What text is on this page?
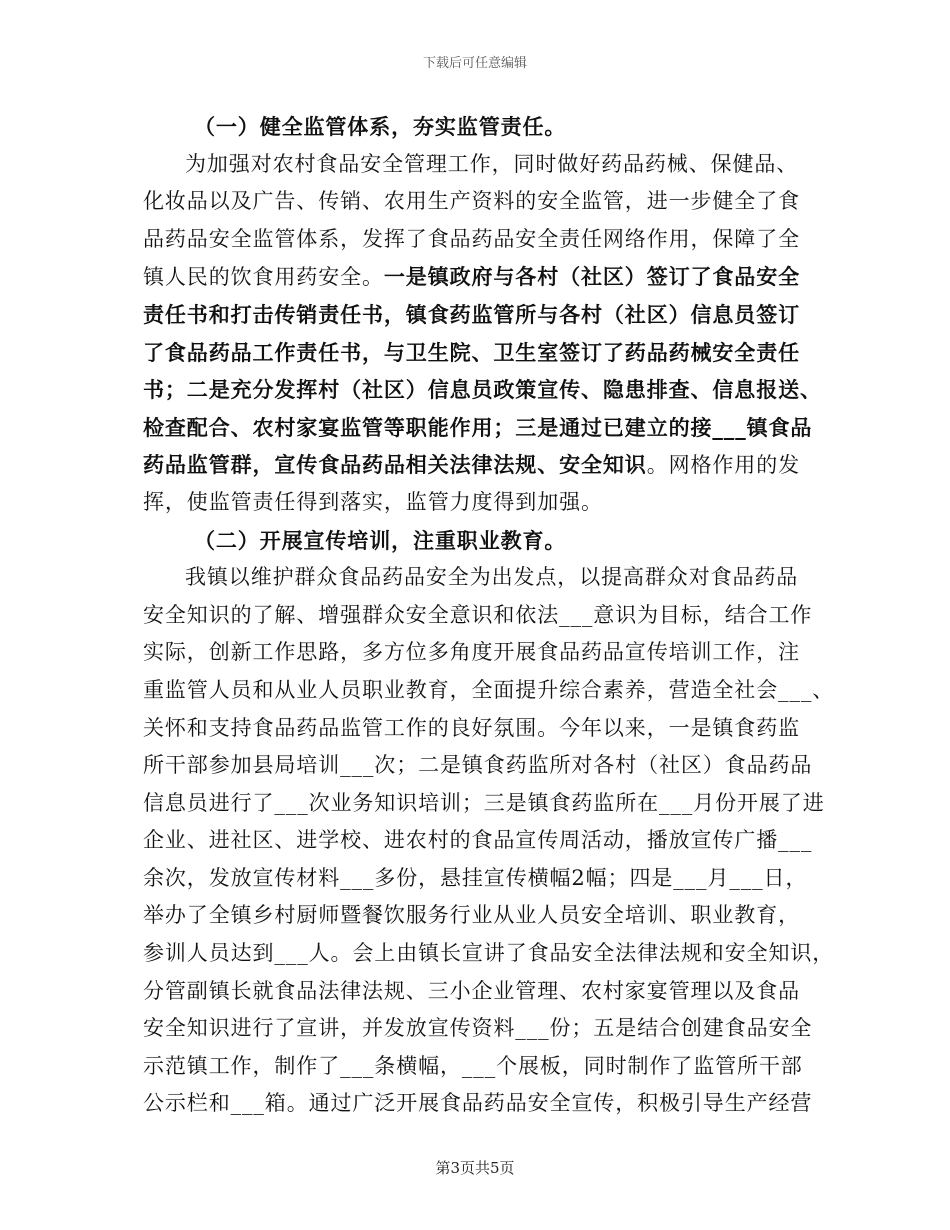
下载后可任意编辑
（一）健全监管体系，夯实监管责任。
为加强对农村食品安全管理工作，同时做好药品药械、保健品、
化妆品以及广告、传销、农用生产资料的安全监管，进一步健全了食
品药品安全监管体系，发挥了食品药品安全责任网络作用，保障了全
镇人民的饮食用药安全。一是镇政府与各村（社区）签订了食品安全
责任书和打击传销责任书，镇食药监管所与各村（社区）信息员签订
了食品药品工作责任书，与卫生院、卫生室签订了药品药械安全责任
书；二是充分发挥村（社区）信息员政策宣传、隐患排查、信息报送、
检查配合、农村家宴监管等职能作用；三是通过已建立的接___镇食品
药品监管群，宣传食品药品相关法律法规、安全知识。网格作用的发
挥，使监管责任得到落实，监管力度得到加强。
（二）开展宣传培训，注重职业教育。
我镇以维护群众食品药品安全为出发点，以提高群众对食品药品
安全知识的了解、增强群众安全意识和依法___意识为目标，结合工作
实际，创新工作思路，多方位多角度开展食品药品宣传培训工作，注
重监管人员和从业人员职业教育，全面提升综合素养，营造全社会___、
关怀和支持食品药品监管工作的良好氛围。今年以来，一是镇食药监
所干部参加县局培训___次；二是镇食药监所对各村（社区）食品药品
信息员进行了___次业务知识培训；三是镇食药监所在___月份开展了进
企业、进社区、进学校、进农村的食品宣传周活动，播放宣传广播___
余次，发放宣传材料___多份，悬挂宣传横幅2幅；四是___月___日，
举办了全镇乡村厨师暨餐饮服务行业从业人员安全培训、职业教育，
参训人员达到___人。会上由镇长宣讲了食品安全法律法规和安全知识，
分管副镇长就食品法律法规、三小企业管理、农村家宴管理以及食品
安全知识进行了宣讲，并发放宣传资料___份；五是结合创建食品安全
示范镇工作，制作了___条横幅，___个展板，同时制作了监管所干部
公示栏和___箱。通过广泛开展食品药品安全宣传，积极引导生产经营
第3页共5页
